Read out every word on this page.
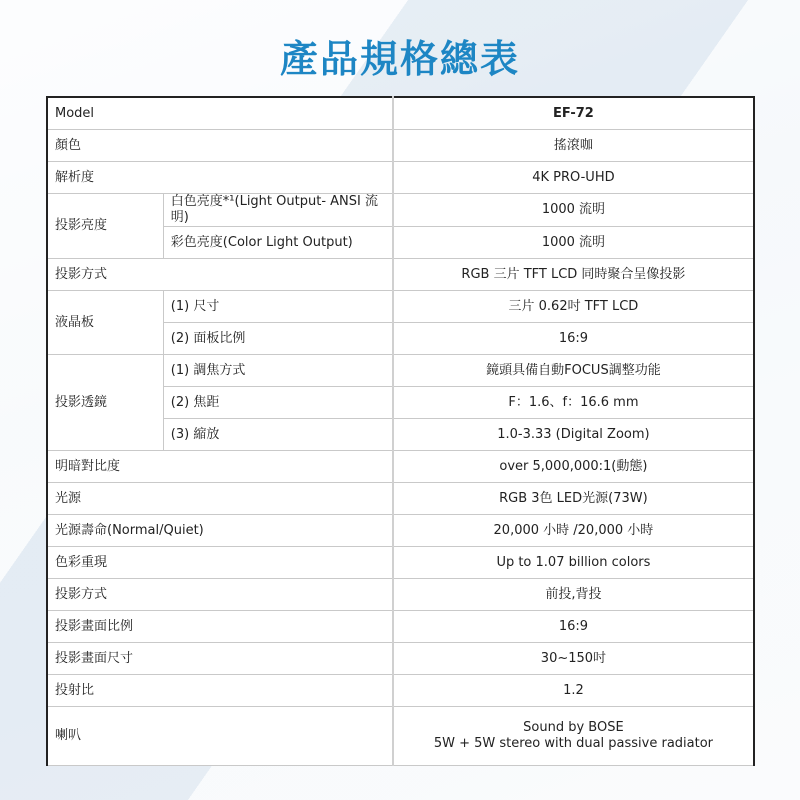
產品規格總表
Model		EF-72
顏色		搖滾咖
解析度		4K PRO-UHD
投影亮度	白色亮度*¹(Light Output- ANSI 流明)	1000 流明
	彩色亮度(Color Light Output)	1000 流明
投影方式		RGB 三片 TFT LCD 同時聚合呈像投影
液晶板	(1) 尺寸	三片 0.62吋 TFT LCD
	(2) 面板比例	16:9
投影透鏡	(1) 調焦方式	鏡頭具備自動FOCUS調整功能
	(2) 焦距	F：1.6、f：16.6 mm
	(3) 縮放	1.0-3.33 (Digital Zoom)
明暗對比度		over 5,000,000:1(動態)
光源		RGB 3色 LED光源(73W)
光源壽命(Normal/Quiet)		20,000 小時 /20,000 小時
色彩重現		Up to 1.07 billion colors
投影方式		前投,背投
投影畫面比例		16:9
投影畫面尺寸		30~150吋
投射比		1.2
喇叭		Sound by BOSE
5W + 5W stereo with dual passive radiator
